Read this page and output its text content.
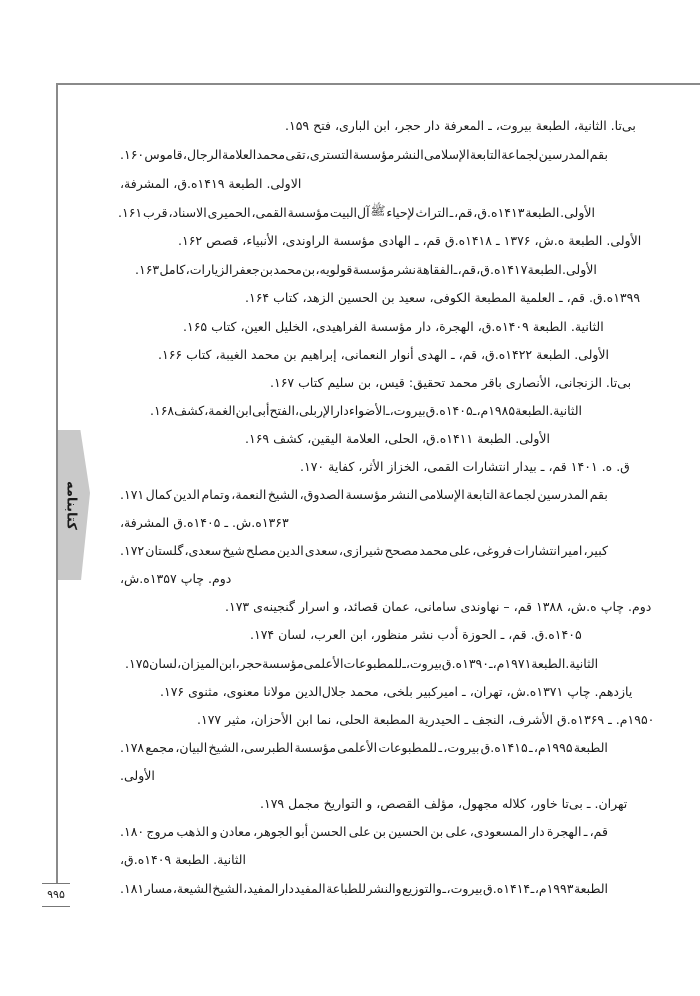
کتابنامه
۹۹۵
۱۵۹. فتح البارى، ابن حجر، دار المعرفة ـ بيروت، الطبعة الثانية، بى‌تا.
۱۶۰. قاموس الرجال، العلامة محمد تقى التسترى، مؤسسة النشر الإسلامى التابعة لجماعة المدرسين بقم
المشرفة، ۱۴۱۹ه.ق، الطبعة الاولى.
۱۶۱. قرب الاسناد، الحميرى القمى، مؤسسة آل‌البيت ﷺ لإحياء التراث ـ قم، ۱۴۱۳ه.ق، الطبعة الأولى.
۱۶۲. قصص الأنبياء، الراوندى، مؤسسة الهادى ـ قم، ۱۴۱۸ه.ق ـ ۱۳۷۶ ه.ش، الطبعة الأولى.
۱۶۳. كامل الزيارات، جعفر بن محمد بن قولويه، مؤسسة نشر الفقاهة ـ قم، ۱۴۱۷ه.ق، الطبعة الأولى.
۱۶۴. كتاب الزهد، الحسين بن سعيد الكوفى، المطبعة العلمية ـ قم، ۱۳۹۹ه.ق.
۱۶۵. كتاب العين، الخليل الفراهيدى، مؤسسة دار الهجرة، ۱۴۰۹ه.ق، الطبعة الثانية.
۱۶۶. كتاب الغيبة، محمد بن إبراهيم النعمانى، أنوار الهدى ـ قم، ۱۴۲۲ه.ق، الطبعة الأولى.
۱۶۷. كتاب سليم بن قيس، تحقيق: محمد باقر الأنصارى الزنجانى، بى‌تا.
۱۶۸. كشف الغمة، ابن أبى الفتح الإربلى، دار الأضواء ـ بيروت، ۱۴۰۵ه.ق ـ ۱۹۸۵م، الطبعة الثانية.
۱۶۹. كشف اليقين، العلامة الحلى، ۱۴۱۱ه.ق، الطبعة الأولى.
۱۷۰. كفاية الأثر، الخزاز القمى، انتشارات بيدار ـ قم، ۱۴۰۱ ه. ق.
۱۷۱. كمال الدين وتمام النعمة، الشيخ الصدوق، مؤسسة النشر الإسلامى التابعة لجماعة المدرسين بقم
المشرفة، ۱۴۰۵ه.ق ـ ۱۳۶۳ه.ش.
۱۷۲. گلستان سعدى، شيخ مصلح الدين سعدى شيرازى، مصحح محمد على فروغى، انتشارات امير كبير،
۱۳۵۷ه.ش، چاپ دوم.
۱۷۳. گنجينه‌ى اسرار و قصائد، عمان سامانى، نهاوندى – قم، ۱۳۸۸ ه.ش، چاپ دوم.
۱۷۴. لسان العرب، ابن منظور، نشر أدب الحوزة ـ قم، ۱۴۰۵ه.ق.
۱۷۵. لسان الميزان، ابن حجر، مؤسسة الأعلمى للمطبوعات ـ بيروت، ۱۳۹۰ه.ق ـ ۱۹۷۱م، الطبعة الثانية.
۱۷۶. مثنوى معنوى، مولانا جلال‌الدين محمد بلخى، اميركبير ـ تهران، ۱۳۷۱ه.ش، چاپ يازدهم.
۱۷۷. مثير الأحزان، ابن نما الحلى، المطبعة الحيدرية ـ النجف الأشرف، ۱۳۶۹ه.ق ـ ۱۹۵۰م.
۱۷۸. مجمع البيان، الشيخ الطبرسى، مؤسسة الأعلمى للمطبوعات ـ بيروت، ۱۴۱۵ه.ق ـ ۱۹۹۵م، الطبعة
الأولى.
۱۷۹. مجمل التواريخ و القصص، مؤلف مجهول، كلاله خاور، بى‌تا ـ تهران.
۱۸۰. مروج الذهب و معادن الجوهر، أبو الحسن على بن الحسين بن على المسعودى، دار الهجرة ـ قم،
۱۴۰۹ه.ق، الطبعة الثانية.
۱۸۱. مسار الشيعة، الشيخ المفيد، دار المفيد للطباعة والنشر والتوزيع ـ بيروت، ۱۴۱۴ه.ق ـ ۱۹۹۳م، الطبعة
